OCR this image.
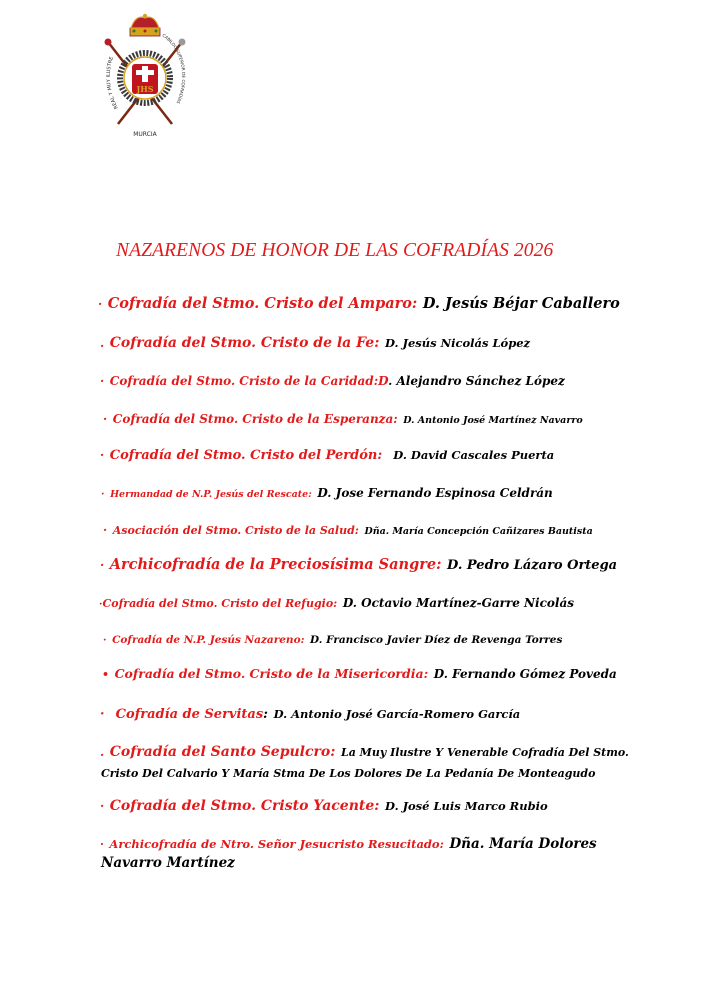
JHS
REAL Y MUY ILUSTRE
CABILDO SUPERIOR DE COFRADÍAS
MURCIA
NAZARENOS DE HONOR DE LAS COFRADÍAS 2026
· Cofradía del Stmo. Cristo del Amparo: D. Jesús Béjar Caballero
. Cofradía del Stmo. Cristo de la Fe: D. Jesús Nicolás López
· Cofradía del Stmo. Cristo de la Caridad:D. Alejandro Sánchez López
· Cofradía del Stmo. Cristo de la Esperanza: D. Antonio José Martínez Navarro
· Cofradía del Stmo. Cristo del Perdón: D. David Cascales Puerta
· Hermandad de N.P. Jesús del Rescate: D. Jose Fernando Espinosa Celdrán
· Asociación del Stmo. Cristo de la Salud: Dña. María Concepción Cañizares Bautista
· Archicofradía de la Preciosísima Sangre: D. Pedro Lázaro Ortega
·Cofradía del Stmo. Cristo del Refugio: D. Octavio Martínez-Garre Nicolás
· Cofradía de N.P. Jesús Nazareno: D. Francisco Javier Díez de Revenga Torres
• Cofradía del Stmo. Cristo de la Misericordia: D. Fernando Gómez Poveda
· Cofradía de Servitas: D. Antonio José García-Romero García
. Cofradía del Santo Sepulcro: La Muy Ilustre Y Venerable Cofradía Del Stmo.
Cristo Del Calvario Y María Stma De Los Dolores De La Pedanía De Monteagudo
· Cofradía del Stmo. Cristo Yacente: D. José Luis Marco Rubio
· Archicofradía de Ntro. Señor Jesucristo Resucitado: Dña. María Dolores
Navarro Martínez
